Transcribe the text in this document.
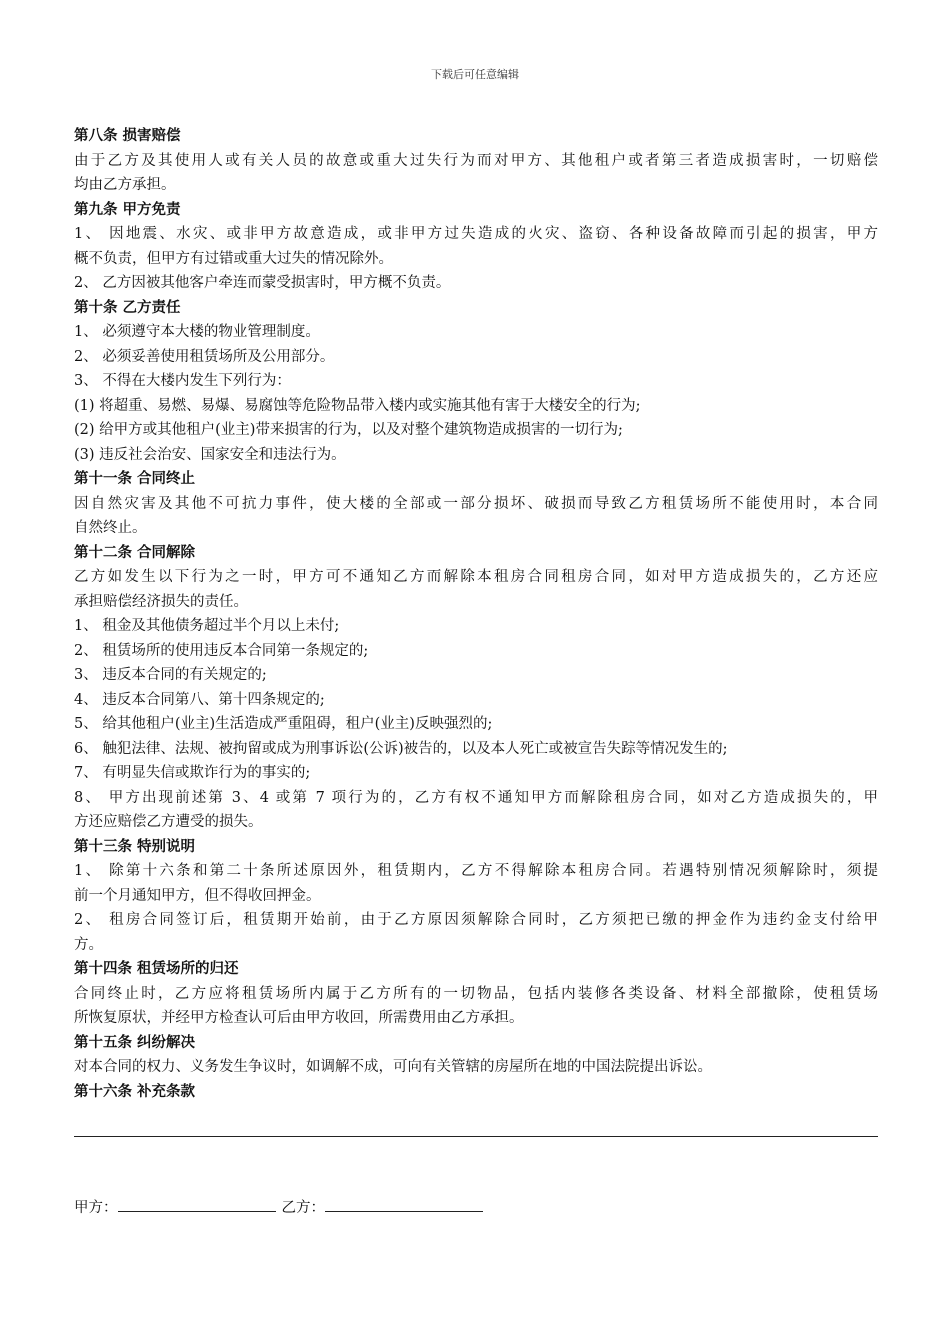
下载后可任意编辑
第八条 损害赔偿
由于乙方及其使用人或有关人员的故意或重大过失行为而对甲方、其他租户或者第三者造成损害时，一切赔偿
均由乙方承担。
第九条 甲方免责
1、 因地震、水灾、或非甲方故意造成，或非甲方过失造成的火灾、盗窃、各种设备故障而引起的损害，甲方
概不负责，但甲方有过错或重大过失的情况除外。
2、 乙方因被其他客户牵连而蒙受损害时，甲方概不负责。
第十条 乙方责任
1、 必须遵守本大楼的物业管理制度。
2、 必须妥善使用租赁场所及公用部分。
3、 不得在大楼内发生下列行为：
(1) 将超重、易燃、易爆、易腐蚀等危险物品带入楼内或实施其他有害于大楼安全的行为;
(2) 给甲方或其他租户(业主)带来损害的行为，以及对整个建筑物造成损害的一切行为;
(3) 违反社会治安、国家安全和违法行为。
第十一条 合同终止
因自然灾害及其他不可抗力事件，使大楼的全部或一部分损坏、破损而导致乙方租赁场所不能使用时，本合同
自然终止。
第十二条 合同解除
乙方如发生以下行为之一时，甲方可不通知乙方而解除本租房合同租房合同，如对甲方造成损失的，乙方还应
承担赔偿经济损失的责任。
1、 租金及其他债务超过半个月以上未付;
2、 租赁场所的使用违反本合同第一条规定的;
3、 违反本合同的有关规定的;
4、 违反本合同第八、第十四条规定的;
5、 给其他租户(业主)生活造成严重阻碍，租户(业主)反映强烈的;
6、 触犯法律、法规、被拘留或成为刑事诉讼(公诉)被告的，以及本人死亡或被宣告失踪等情况发生的;
7、 有明显失信或欺诈行为的事实的;
8、 甲方出现前述第 3、4 或第 7 项行为的，乙方有权不通知甲方而解除租房合同，如对乙方造成损失的，甲
方还应赔偿乙方遭受的损失。
第十三条 特别说明
1、 除第十六条和第二十条所述原因外，租赁期内，乙方不得解除本租房合同。若遇特别情况须解除时，须提
前一个月通知甲方，但不得收回押金。
2、 租房合同签订后，租赁期开始前，由于乙方原因须解除合同时，乙方须把已缴的押金作为违约金支付给甲
方。
第十四条 租赁场所的归还
合同终止时，乙方应将租赁场所内属于乙方所有的一切物品，包括内装修各类设备、材料全部撤除，使租赁场
所恢复原状，并经甲方检查认可后由甲方收回，所需费用由乙方承担。
第十五条 纠纷解决
对本合同的权力、义务发生争议时，如调解不成，可向有关管辖的房屋所在地的中国法院提出诉讼。
第十六条 补充条款
甲方：	乙方：
